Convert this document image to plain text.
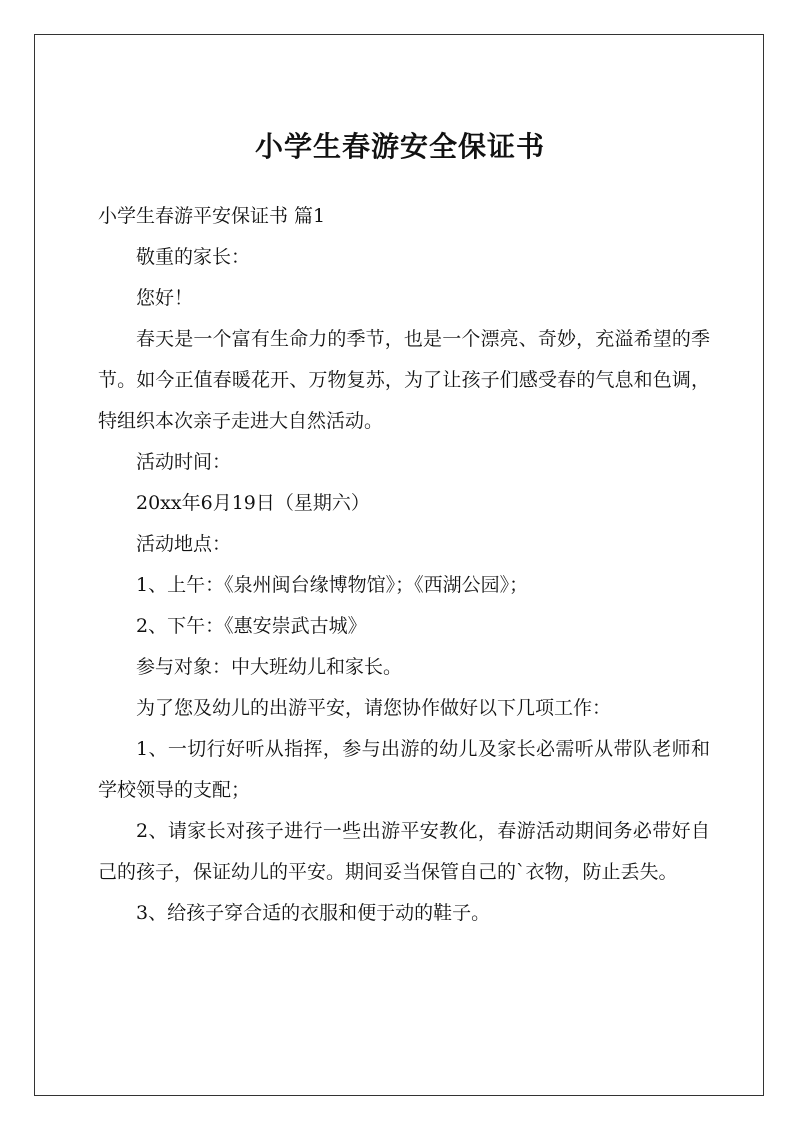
小学生春游安全保证书

小学生春游平安保证书 篇1

敬重的家长：

您好！

春天是一个富有生命力的季节，也是一个漂亮、奇妙，充溢希望的季节。如今正值春暖花开、万物复苏，为了让孩子们感受春的气息和色调，特组织本次亲子走进大自然活动。

活动时间：

20xx年6月19日（星期六）

活动地点：

1、上午：《泉州闽台缘博物馆》；《西湖公园》；

2、下午：《惠安崇武古城》

参与对象：中大班幼儿和家长。

为了您及幼儿的出游平安，请您协作做好以下几项工作：

1、一切行好听从指挥，参与出游的幼儿及家长必需听从带队老师和学校领导的支配；

2、请家长对孩子进行一些出游平安教化，春游活动期间务必带好自己的孩子，保证幼儿的平安。期间妥当保管自己的`衣物，防止丢失。

3、给孩子穿合适的衣服和便于动的鞋子。
